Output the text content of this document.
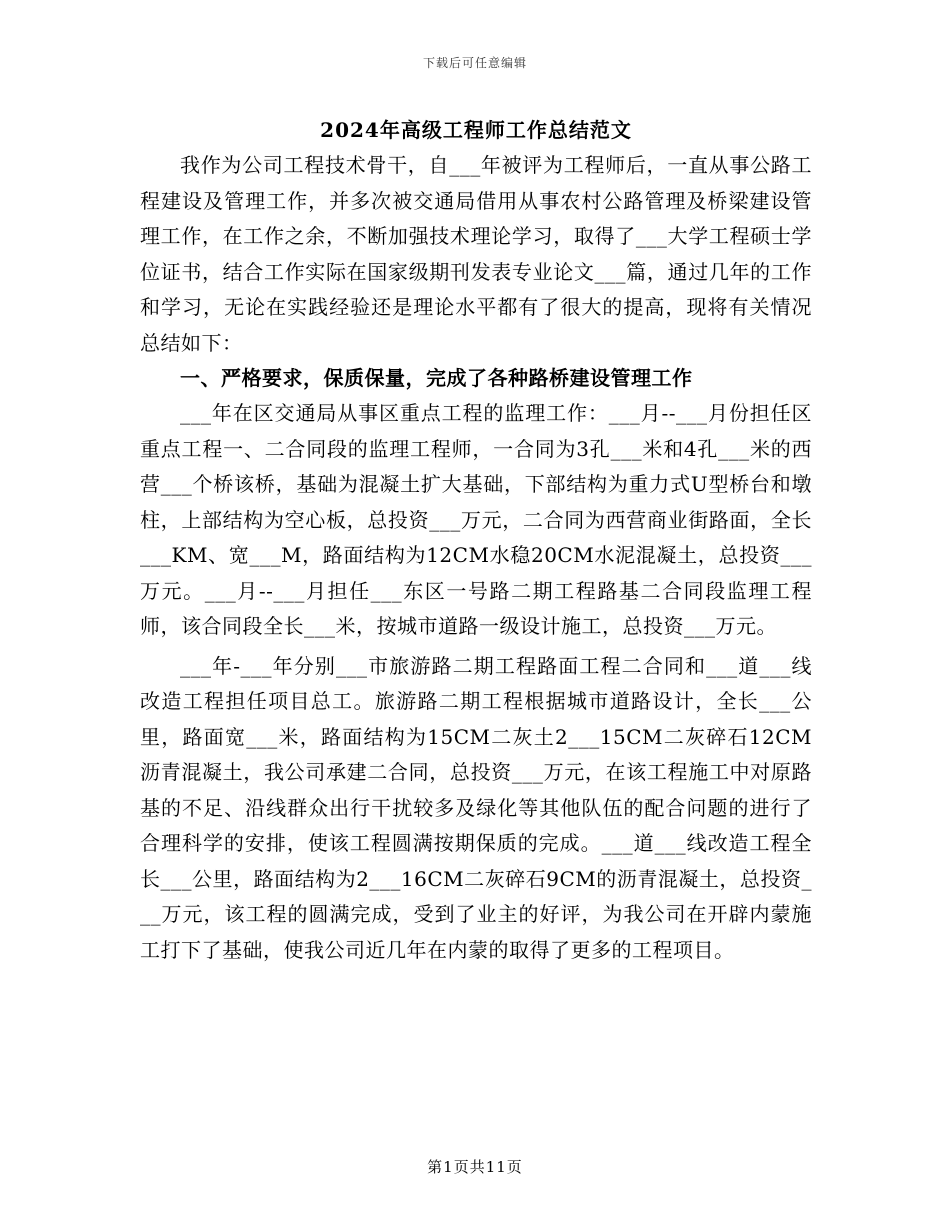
下载后可任意编辑
2024年高级工程师工作总结范文

我作为公司工程技术骨干，自___年被评为工程师后，一直从事公路工程建设及管理工作，并多次被交通局借用从事农村公路管理及桥梁建设管理工作，在工作之余，不断加强技术理论学习，取得了___大学工程硕士学位证书，结合工作实际在国家级期刊发表专业论文___篇，通过几年的工作和学习，无论在实践经验还是理论水平都有了很大的提高，现将有关情况总结如下：

一、严格要求，保质保量，完成了各种路桥建设管理工作

___年在区交通局从事区重点工程的监理工作：___月--___月份担任区重点工程一、二合同段的监理工程师，一合同为3孔___米和4孔___米的西营___个桥该桥，基础为混凝土扩大基础，下部结构为重力式U型桥台和墩柱，上部结构为空心板，总投资___万元，二合同为西营商业街路面，全长___KM、宽___M，路面结构为12CM水稳20CM水泥混凝土，总投资___万元。___月--___月担任___东区一号路二期工程路基二合同段监理工程师，该合同段全长___米，按城市道路一级设计施工，总投资___万元。

___年-___年分别___市旅游路二期工程路面工程二合同和___道___线改造工程担任项目总工。旅游路二期工程根据城市道路设计，全长___公里，路面宽___米，路面结构为15CM二灰土2___15CM二灰碎石12CM沥青混凝土，我公司承建二合同，总投资___万元，在该工程施工中对原路基的不足、沿线群众出行干扰较多及绿化等其他队伍的配合问题的进行了合理科学的安排，使该工程圆满按期保质的完成。___道___线改造工程全长___公里，路面结构为2___16CM二灰碎石9CM的沥青混凝土，总投资___万元，该工程的圆满完成，受到了业主的好评，为我公司在开辟内蒙施工打下了基础，使我公司近几年在内蒙的取得了更多的工程项目。

第1页共11页
